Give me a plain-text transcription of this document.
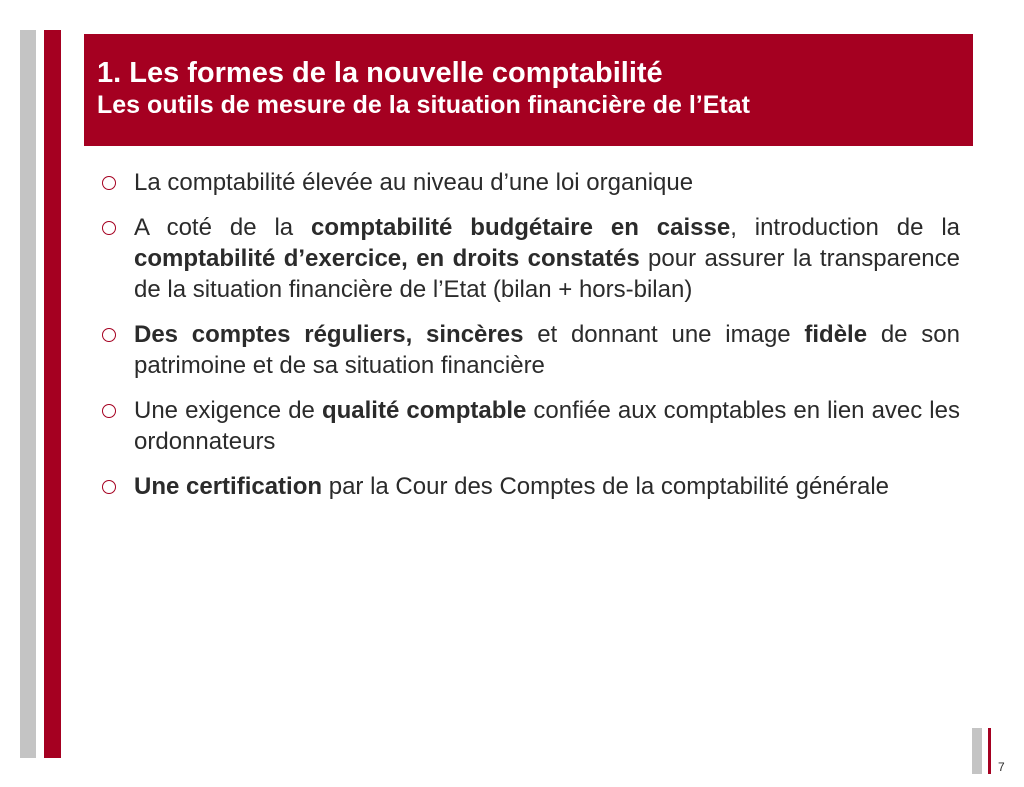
1. Les formes de la nouvelle comptabilité
Les outils de mesure de la situation financière de l’Etat
La comptabilité élevée au niveau d’une loi organique
A coté de la comptabilité budgétaire en caisse, introduction de la comptabilité d’exercice, en droits constatés pour assurer la transparence de la situation financière de l’Etat (bilan + hors-bilan)
Des comptes réguliers, sincères et donnant une image fidèle de son patrimoine et de sa situation financière
Une exigence de qualité comptable confiée aux comptables en lien avec les ordonnateurs
Une certification par la Cour des Comptes de la comptabilité générale
7
